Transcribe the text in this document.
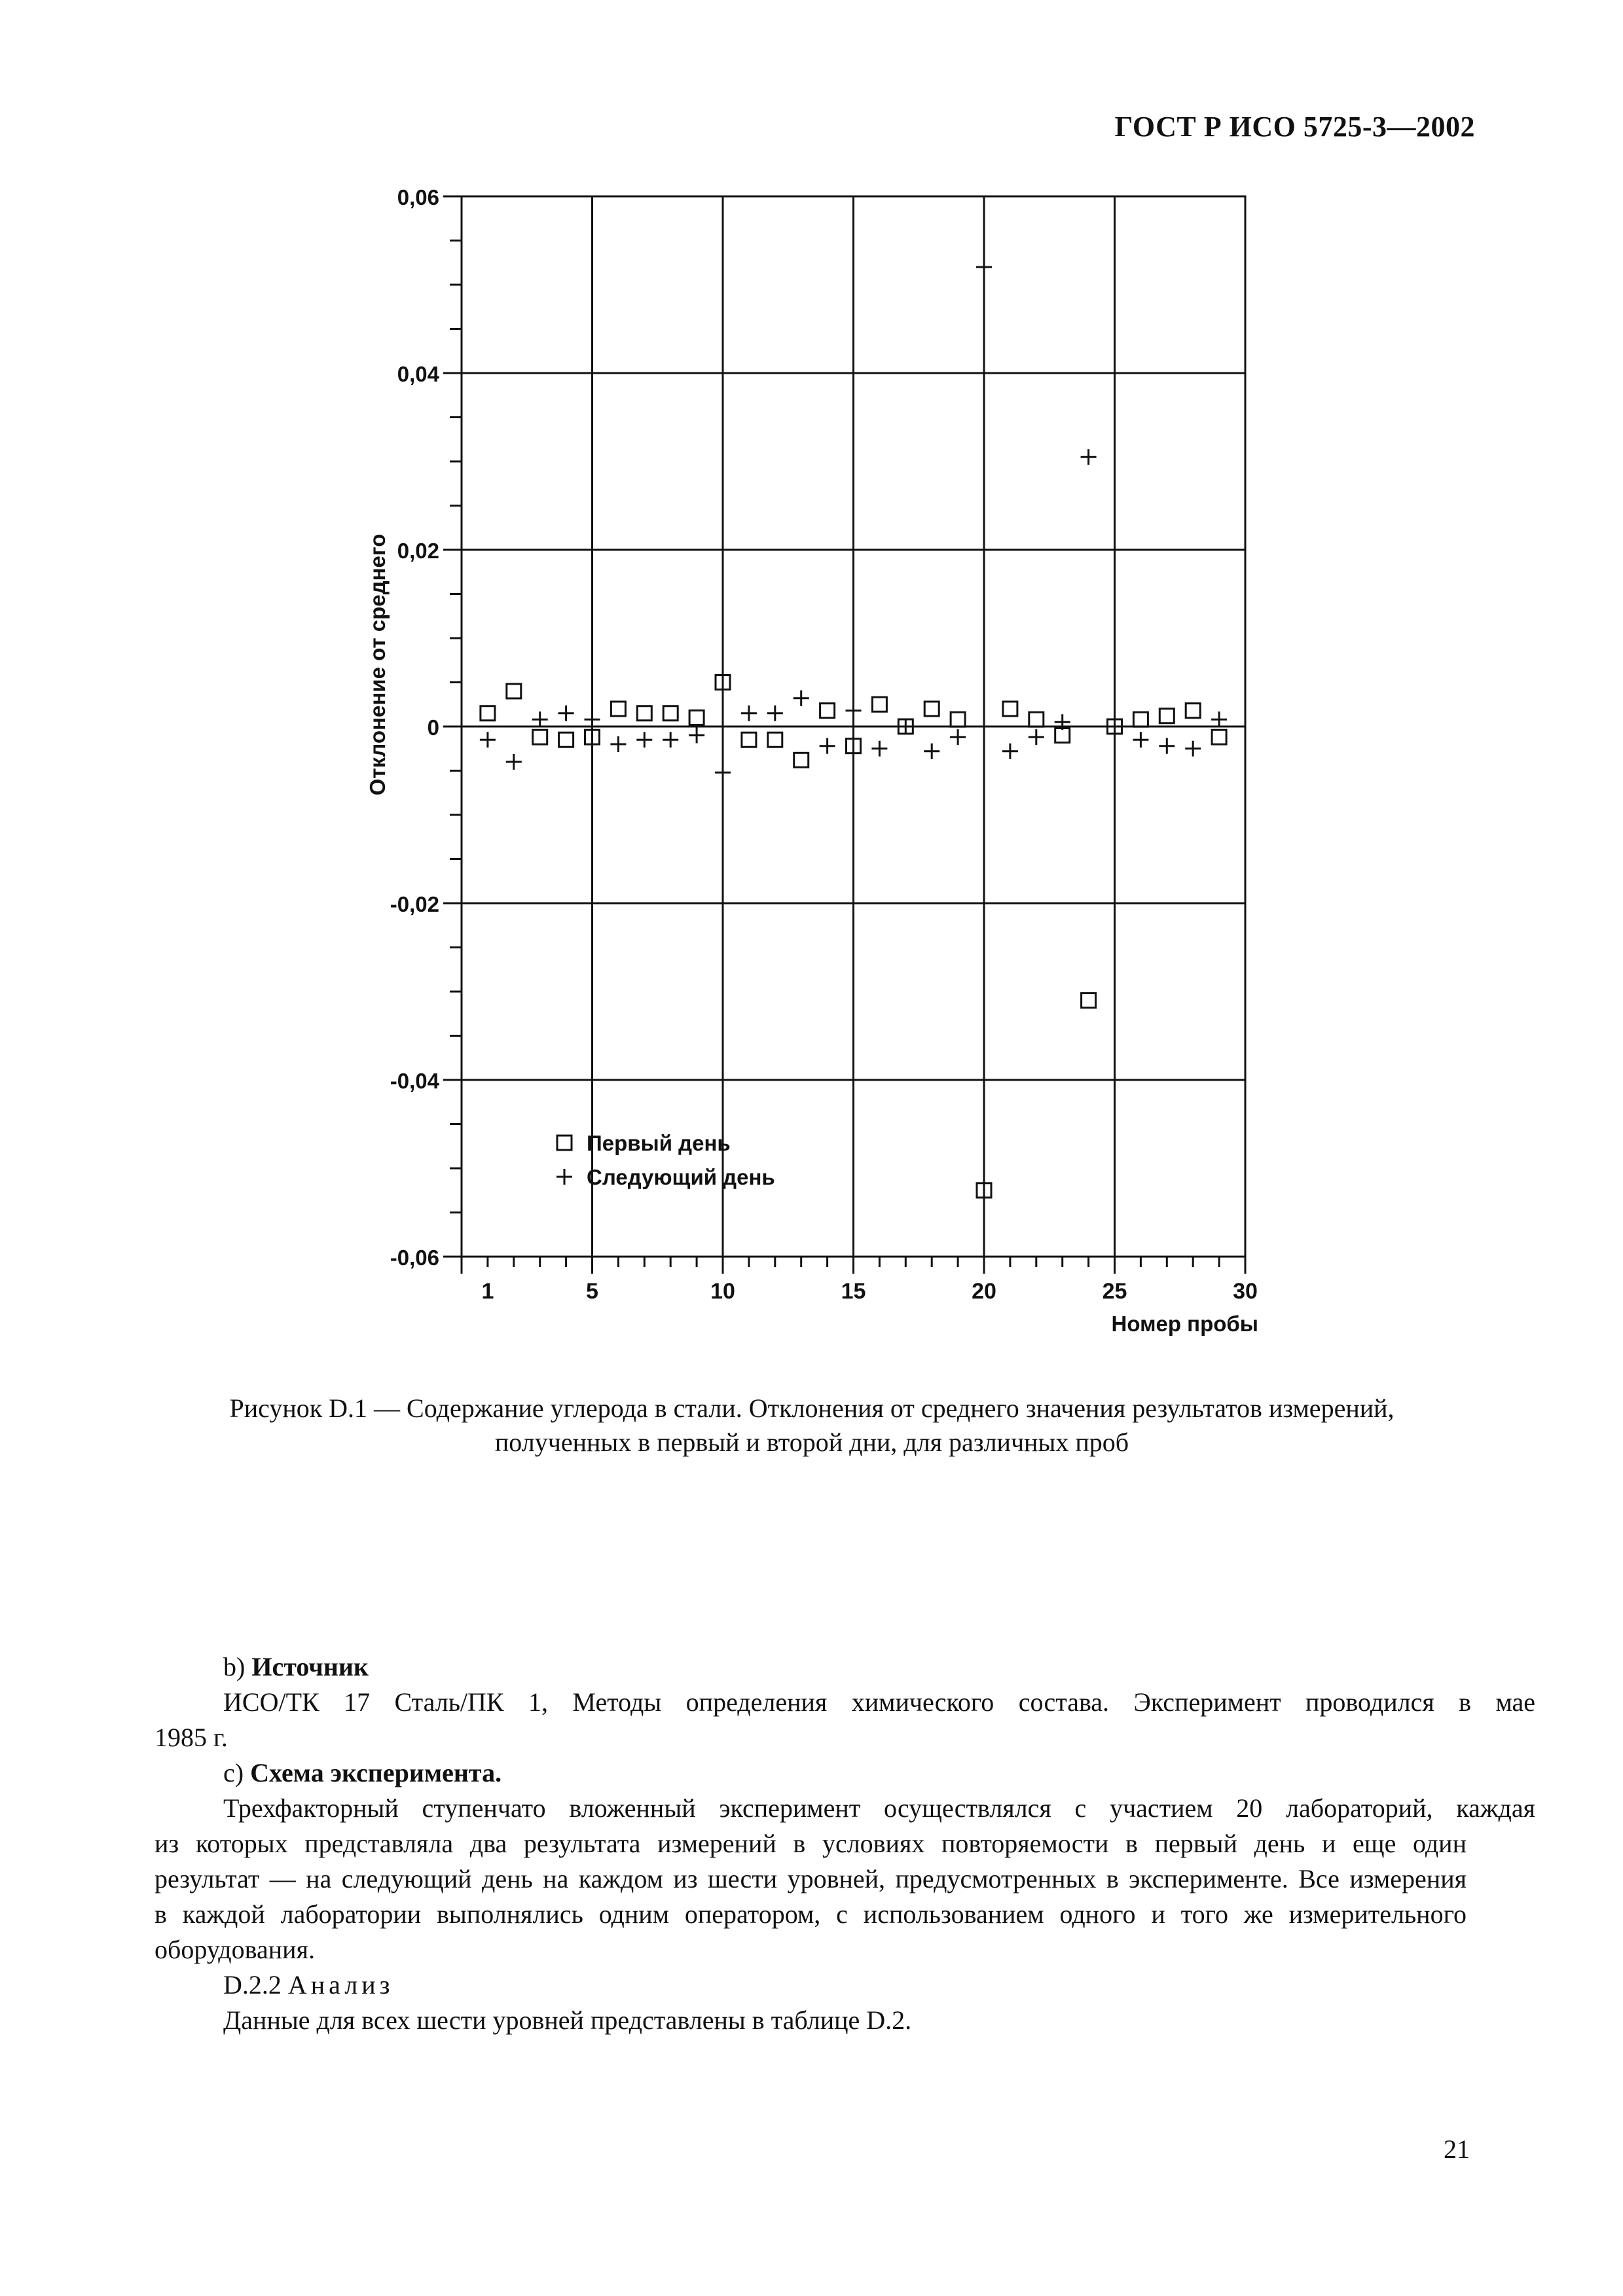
ГОСТ Р ИСО 5725-3—2002
0,06
0,04
0,02
0
-0,02
-0,04
-0,06
1	5	10	15	20	25	30
Номер пробы
Отклонение от среднего
Первый день
Следующий день
Рисунок D.1 — Содержание углерода в стали. Отклонения от среднего значения результатов измерений,
полученных в первый и второй дни, для различных проб
b) Источник
ИСО/ТК 17 Сталь/ПК 1, Методы определения химического состава. Эксперимент проводился в мае
1985 г.
c) Схема эксперимента.
Трехфакторный ступенчато вложенный эксперимент осуществлялся с участием 20 лабораторий, каждая
из которых представляла два результата измерений в условиях повторяемости в первый день и еще один
результат — на следующий день на каждом из шести уровней, предусмотренных в эксперименте. Все измерения
в каждой лаборатории выполнялись одним оператором, с использованием одного и того же измерительного
оборудования.
D.2.2 Анализ
Данные для всех шести уровней представлены в таблице D.2.
21
